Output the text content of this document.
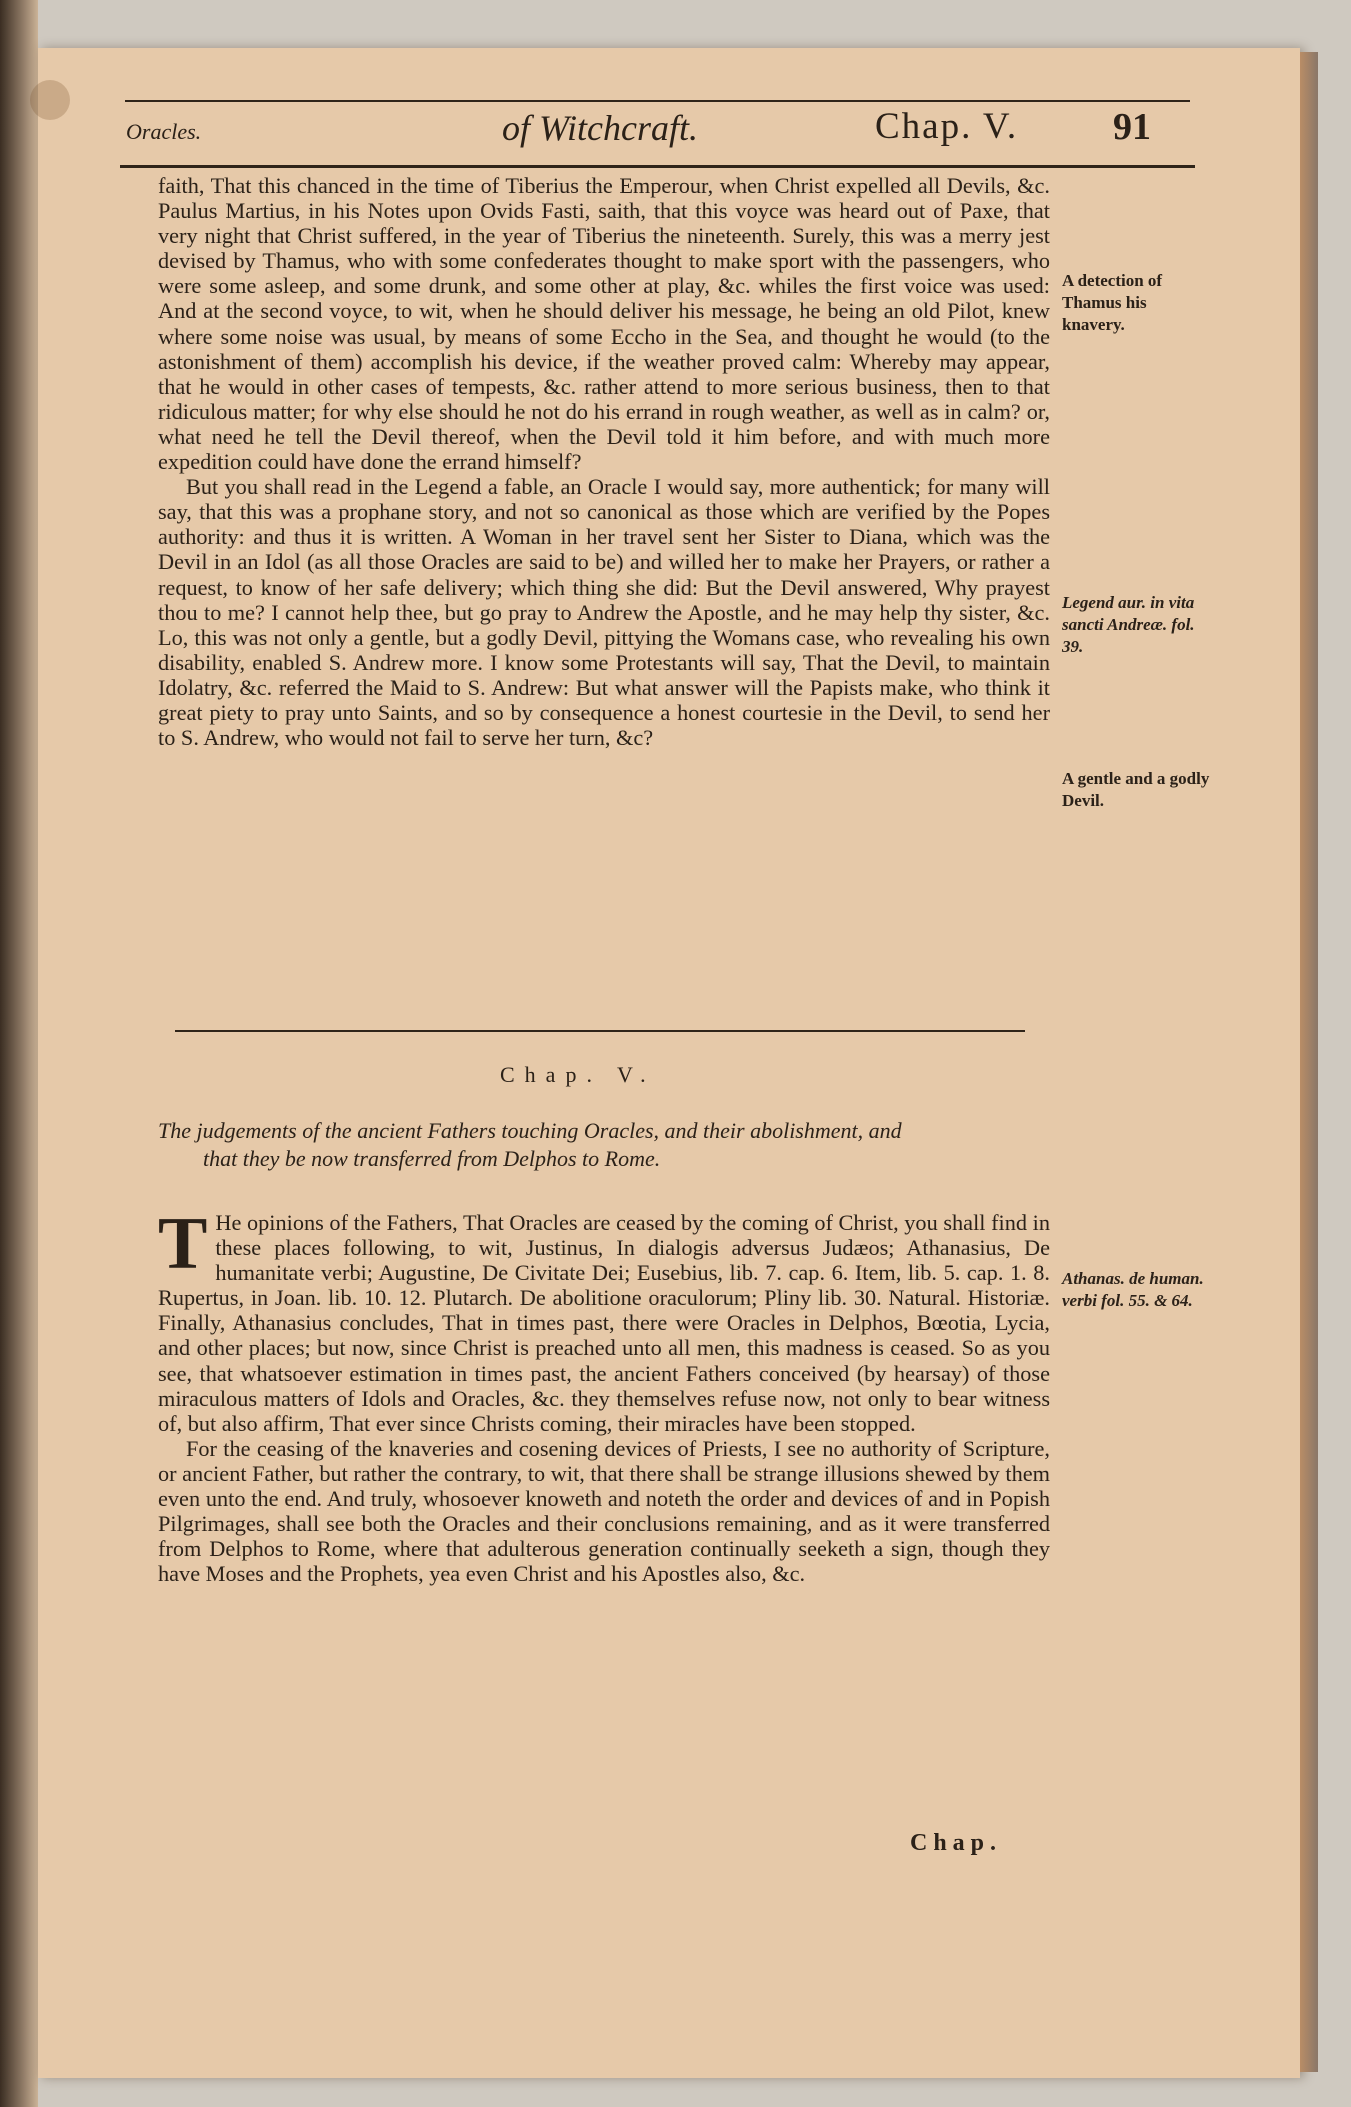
Oracles.	of Witchcraft.	Chap. V. 91

faith, That this chanced in the time of Tiberius the Emperour, when Christ expelled all Devils, &c. Paulus Martius, in his Notes upon Ovids Fasti, saith, that this voyce was heard out of Paxe, that very night that Christ suffered, in the year of Tiberius the nineteenth. Surely, this was a merry jest devised by Thamus, who with some confederates thought to make sport with the passengers, who were some asleep, and some drunk, and some other at play, &c. whiles the first voice was used: And at the second voyce, to wit, when he should deliver his message, he being an old Pilot, knew where some noise was usual, by means of some Eccho in the Sea, and thought he would (to the astonishment of them) accomplish his device, if the weather proved calm: Whereby may appear, that he would in other cases of tempests, &c. rather attend to more serious business, then to that ridiculous matter; for why else should he not do his errand in rough weather, as well as in calm? or, what need he tell the Devil thereof, when the Devil told it him before, and with much more expedition could have done the errand himself?

But you shall read in the Legend a fable, an Oracle I would say, more authentick; for many will say, that this was a prophane story, and not so canonical as those which are verified by the Popes authority: and thus it is written. A Woman in her travel sent her Sister to Diana, which was the Devil in an Idol (as all those Oracles are said to be) and willed her to make her Prayers, or rather a request, to know of her safe delivery; which thing she did: But the Devil answered, Why prayest thou to me? I cannot help thee, but go pray to Andrew the Apostle, and he may help thy sister, &c. Lo, this was not only a gentle, but a godly Devil, pittying the Womans case, who revealing his own disability, enabled S. Andrew more. I know some Protestants will say, That the Devil, to maintain Idolatry, &c. referred the Maid to S. Andrew: But what answer will the Papists make, who think it great piety to pray unto Saints, and so by consequence a honest courtesie in the Devil, to send her to S. Andrew, who would not fail to serve her turn, &c?

A detection of Thamus his knavery.
Legend aur. in vita sancti Andreæ. fol. 39.
A gentle and a godly Devil.
Athanas. de human. verbi fol. 55. & 64.
Chap. V.
The judgements of the ancient Fathers touching Oracles, and their abolishment, and
that they be now transferred from Delphos to Rome.

T He opinions of the Fathers, That Oracles are ceased by the coming of Christ, you shall find in these places following, to wit, Justinus, In dialogis adversus Judæos; Athanasius, De humanitate verbi; Augustine, De Civitate Dei; Eusebius, lib. 7. cap. 6. Item, lib. 5. cap. 1. 8. Rupertus, in Joan. lib. 10. 12. Plutarch. De abolitione oraculorum; Pliny lib. 30. Natural. Historiæ. Finally, Athanasius concludes, That in times past, there were Oracles in Delphos, Bœotia, Lycia, and other places; but now, since Christ is preached unto all men, this madness is ceased. So as you see, that whatsoever estimation in times past, the ancient Fathers conceived (by hearsay) of those miraculous matters of Idols and Oracles, &c. they themselves refuse now, not only to bear witness of, but also affirm, That ever since Christs coming, their miracles have been stopped.

For the ceasing of the knaveries and cosening devices of Priests, I see no authority of Scripture, or ancient Father, but rather the contrary, to wit, that there shall be strange illusions shewed by them even unto the end. And truly, whosoever knoweth and noteth the order and devices of and in Popish Pilgrimages, shall see both the Oracles and their conclusions remaining, and as it were transferred from Delphos to Rome, where that adulterous generation continually seeketh a sign, though they have Moses and the Prophets, yea even Christ and his Apostles also, &c.

Chap.
